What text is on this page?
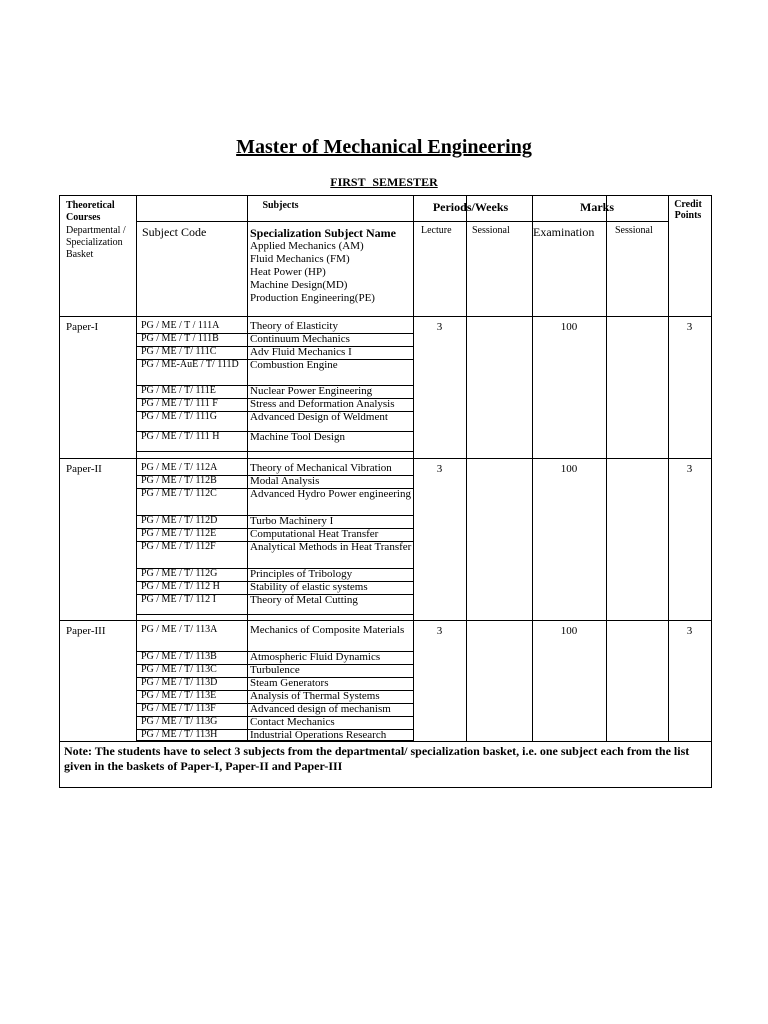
Master of Mechanical Engineering
FIRST SEMESTER
Theoretical Courses
Subjects	Periods/Weeks	Marks	Credit Points
Departmental / Specialization Basket
Subject Code	Specialization Subject Name
Applied Mechanics (AM)
Fluid Mechanics (FM)
Heat Power (HP)
Machine Design(MD)
Production Engineering(PE)
Lecture Sessional Examination Sessional
Paper-I	3	100	3
PG / ME / T / 111A	Theory of Elasticity
PG / ME / T / 111B	Continuum Mechanics
PG / ME / T/ 111C	Adv Fluid Mechanics I
PG / ME-AuE / T/ 111D	Combustion Engine
PG / ME / T/ 111E	Nuclear Power Engineering
PG / ME / T/ 111 F	Stress and Deformation Analysis
PG / ME / T/ 111G	Advanced Design of Weldment
PG / ME / T/ 111 H	Machine Tool Design
Paper-II	3	100	3
PG / ME / T/ 112A	Theory of Mechanical Vibration
PG / ME / T/ 112B	Modal Analysis
PG / ME / T/ 112C	Advanced Hydro Power engineering
PG / ME / T/ 112D	Turbo Machinery I
PG / ME / T/ 112E	Computational Heat Transfer
PG / ME / T/ 112F	Analytical Methods in Heat Transfer
PG / ME / T/ 112G	Principles of Tribology
PG / ME / T/ 112 H	Stability of elastic systems
PG / ME / T/ 112 I	Theory of Metal Cutting
Paper-III	3	100	3
PG / ME / T/ 113A	Mechanics of Composite Materials
PG / ME / T/ 113B	Atmospheric Fluid Dynamics
PG / ME / T/ 113C	Turbulence
PG / ME / T/ 113D	Steam Generators
PG / ME / T/ 113E	Analysis of Thermal Systems
PG / ME / T/ 113F	Advanced design of mechanism
PG / ME / T/ 113G	Contact Mechanics
PG / ME / T/ 113H	Industrial Operations Research
Note: The students have to select 3 subjects from the departmental/ specialization basket, i.e. one subject each from the list given in the baskets of Paper-I, Paper-II and Paper-III
